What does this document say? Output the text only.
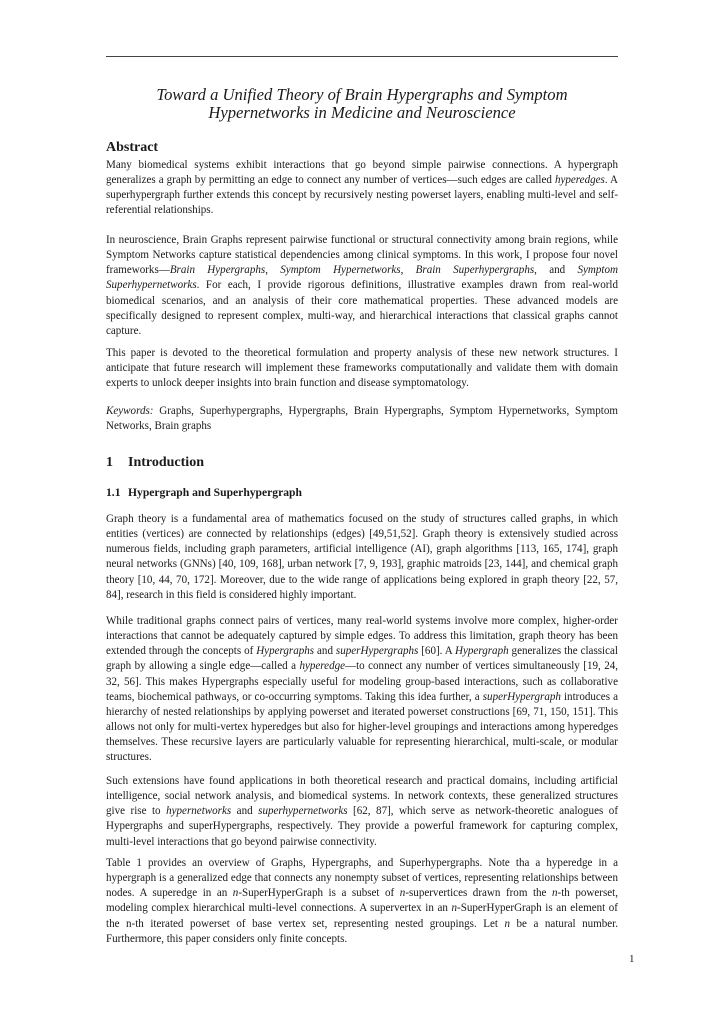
Toward a Unified Theory of Brain Hypergraphs and Symptom
Hypernetworks in Medicine and Neuroscience
Abstract

Many biomedical systems exhibit interactions that go beyond simple pairwise connections. A hypergraph generalizes a graph by permitting an edge to connect any number of vertices—such edges are called hyperedges. A superhypergraph further extends this concept by recursively nesting powerset layers, enabling multi-level and self-referential relationships.

In neuroscience, Brain Graphs represent pairwise functional or structural connectivity among brain regions, while Symptom Networks capture statistical dependencies among clinical symptoms. In this work, I propose four novel frameworks—Brain Hypergraphs, Symptom Hypernetworks, Brain Superhypergraphs, and Symptom Superhypernetworks. For each, I provide rigorous definitions, illustrative examples drawn from real-world biomedical scenarios, and an analysis of their core mathematical properties. These advanced models are specifically designed to represent complex, multi-way, and hierarchical interactions that classical graphs cannot capture.

This paper is devoted to the theoretical formulation and property analysis of these new network structures. I anticipate that future research will implement these frameworks computationally and validate them with domain experts to unlock deeper insights into brain function and disease symptomatology.

Keywords: Graphs, Superhypergraphs, Hypergraphs, Brain Hypergraphs, Symptom Hypernetworks, Symptom Networks, Brain graphs

1 Introduction
1.1 Hypergraph and Superhypergraph

Graph theory is a fundamental area of mathematics focused on the study of structures called graphs, in which entities (vertices) are connected by relationships (edges) [49,51,52]. Graph theory is extensively studied across numerous fields, including graph parameters, artificial intelligence (AI), graph algorithms [113, 165, 174], graph neural networks (GNNs) [40, 109, 168], urban network [7, 9, 193], graphic matroids [23, 144], and chemical graph theory [10, 44, 70, 172]. Moreover, due to the wide range of applications being explored in graph theory [22, 57, 84], research in this field is considered highly important.

While traditional graphs connect pairs of vertices, many real-world systems involve more complex, higher-order interactions that cannot be adequately captured by simple edges. To address this limitation, graph theory has been extended through the concepts of Hypergraphs and superHypergraphs [60]. A Hypergraph generalizes the classical graph by allowing a single edge—called a hyperedge—to connect any number of vertices simultaneously [19, 24, 32, 56]. This makes Hypergraphs especially useful for modeling group-based interactions, such as collaborative teams, biochemical pathways, or co-occurring symptoms. Taking this idea further, a superHypergraph introduces a hierarchy of nested relationships by applying powerset and iterated powerset constructions [69, 71, 150, 151]. This allows not only for multi-vertex hyperedges but also for higher-level groupings and interactions among hyperedges themselves. These recursive layers are particularly valuable for representing hierarchical, multi-scale, or modular structures.

Such extensions have found applications in both theoretical research and practical domains, including artificial intelligence, social network analysis, and biomedical systems. In network contexts, these generalized structures give rise to hypernetworks and superhypernetworks [62, 87], which serve as network-theoretic analogues of Hypergraphs and superHypergraphs, respectively. They provide a powerful framework for capturing complex, multi-level interactions that go beyond pairwise connectivity.

Table 1 provides an overview of Graphs, Hypergraphs, and Superhypergraphs. Note tha a hyperedge in a hypergraph is a generalized edge that connects any nonempty subset of vertices, representing relationships between nodes. A superedge in an n-SuperHyperGraph is a subset of n-supervertices drawn from the n-th powerset, modeling complex hierarchical multi-level connections. A supervertex in an n-SuperHyperGraph is an element of the n-th iterated powerset of base vertex set, representing nested groupings. Let n be a natural number. Furthermore, this paper considers only finite concepts.

1
